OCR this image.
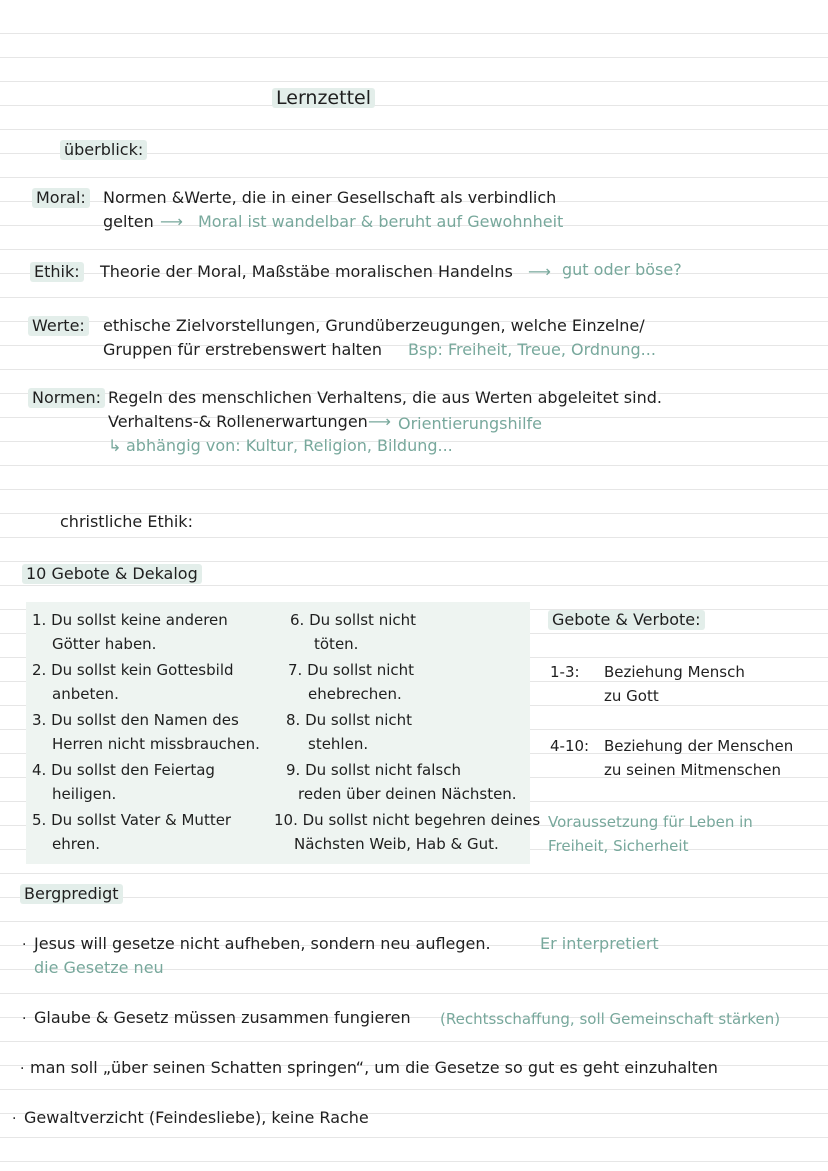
Lernzettel
überblick:
Moral: Normen &Werte, die in einer Gesellschaft als verbindlich
gelten ⟶ Moral ist wandelbar & beruht auf Gewohnheit
Ethik: Theorie der Moral, Maßstäbe moralischen Handelns ⟶ gut oder böse?
Werte: ethische Zielvorstellungen, Grundüberzeugungen, welche Einzelne/
Gruppen für erstrebenswert halten Bsp: Freiheit, Treue, Ordnung...
Normen: Regeln des menschlichen Verhaltens, die aus Werten abgeleitet sind.
Verhaltens-& Rollenerwartungen ⟶ Orientierungshilfe
↳ abhängig von: Kultur, Religion, Bildung...
christliche Ethik:
10 Gebote & Dekalog
1. Du sollst keine anderen
Götter haben.
2. Du sollst kein Gottesbild
anbeten.
3. Du sollst den Namen des
Herren nicht missbrauchen.
4. Du sollst den Feiertag
heiligen.
5. Du sollst Vater & Mutter
ehren.
6. Du sollst nicht
töten.
7. Du sollst nicht
ehebrechen.
8. Du sollst nicht
stehlen.
9. Du sollst nicht falsch
reden über deinen Nächsten.
10. Du sollst nicht begehren deines
Nächsten Weib, Hab & Gut.
Gebote & Verbote:
1-3: Beziehung Mensch
zu Gott
4-10: Beziehung der Menschen
zu seinen Mitmenschen
Voraussetzung für Leben in
Freiheit, Sicherheit
Bergpredigt
· Jesus will gesetze nicht aufheben, sondern neu auflegen.	Er interpretiert
die Gesetze neu
· Glaube & Gesetz müssen zusammen fungieren (Rechtsschaffung, soll Gemeinschaft stärken)
· man soll „über seinen Schatten springen“, um die Gesetze so gut es geht einzuhalten
· Gewaltverzicht (Feindesliebe), keine Rache
